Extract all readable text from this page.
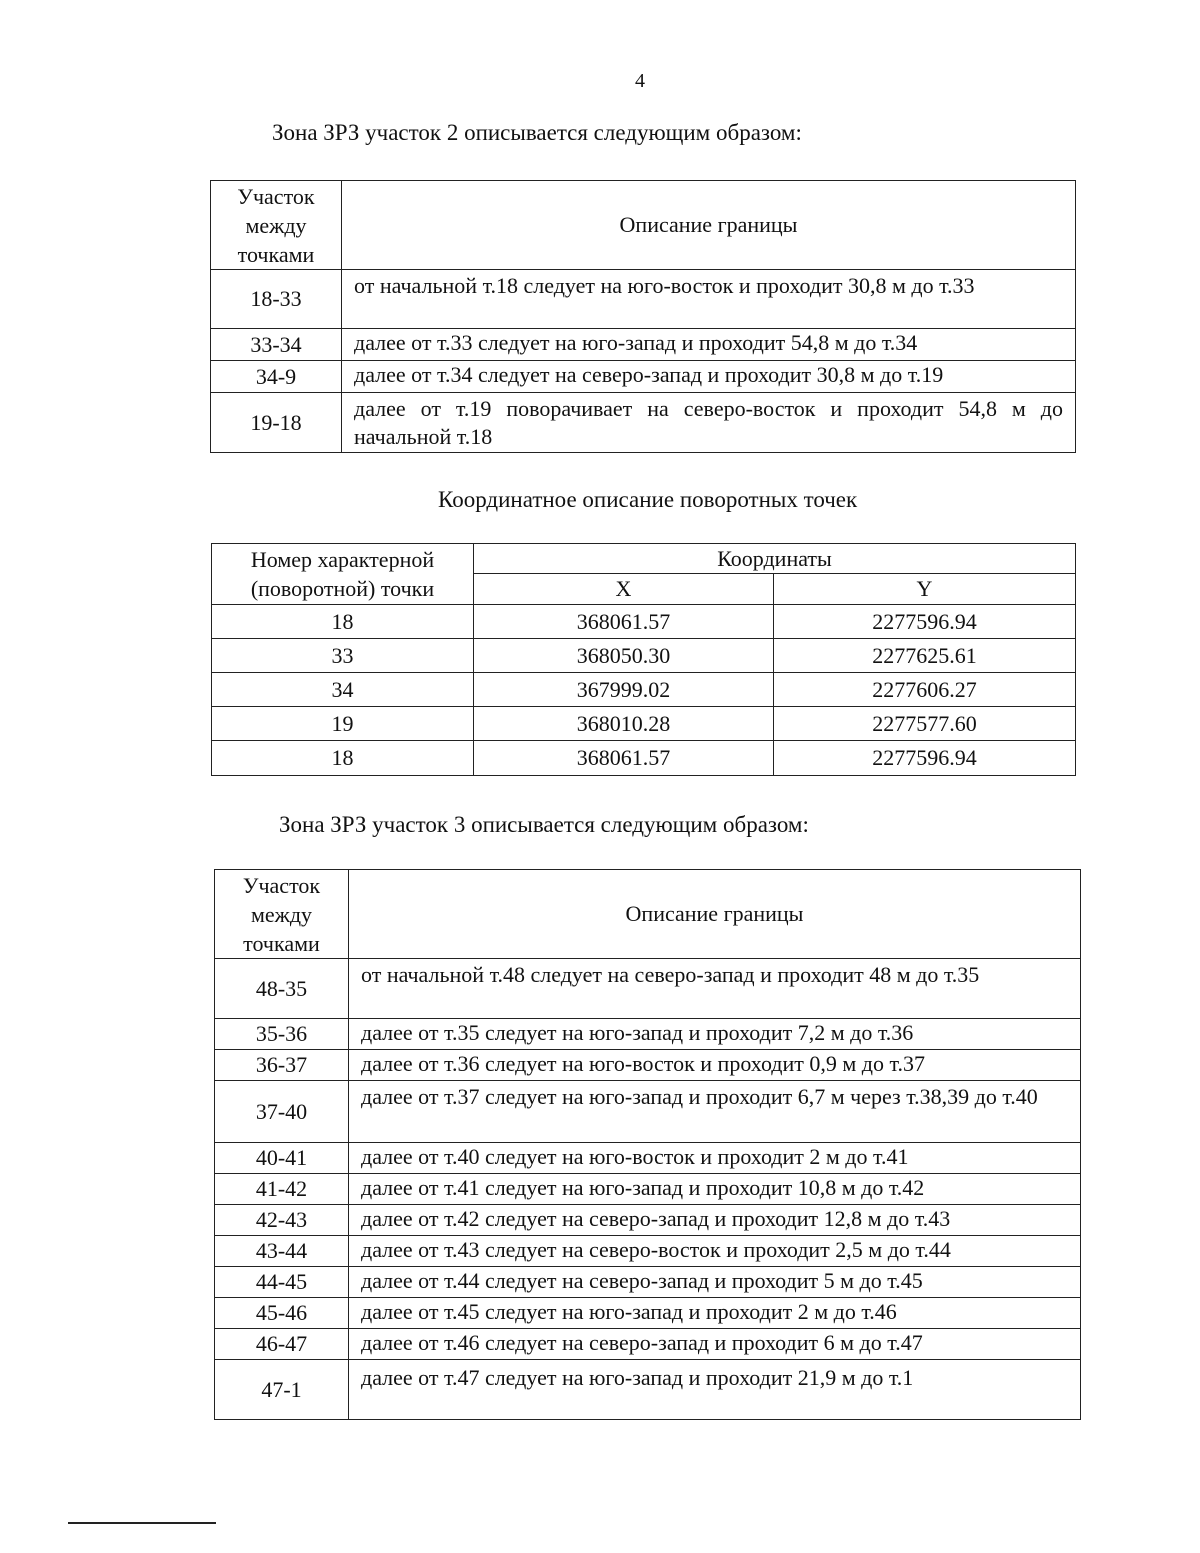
4
Зона ЗРЗ участок 2 описывается следующим образом:
Участок между точками	Описание границы
18-33	от начальной т.18 следует на юго-восток и проходит 30,8 м до т.33
33-34	далее от т.33 следует на юго-запад и проходит 54,8 м до т.34
34-9	далее от т.34 следует на северо-запад и проходит 30,8 м до т.19
19-18	далее от т.19 поворачивает на северо-восток и проходит 54,8 м до начальной т.18
Координатное описание поворотных точек
Номер характерной (поворотной) точки	Координаты	
	X	Y
18	368061.57	2277596.94
33	368050.30	2277625.61
34	367999.02	2277606.27
19	368010.28	2277577.60
18	368061.57	2277596.94
Зона ЗРЗ участок 3 описывается следующим образом:
Участок между точками	Описание границы
48-35	от начальной т.48 следует на северо-запад и проходит 48 м до т.35
35-36	далее от т.35 следует на юго-запад и проходит 7,2 м до т.36
36-37	далее от т.36 следует на юго-восток и проходит 0,9 м до т.37
37-40	далее от т.37 следует на юго-запад и проходит 6,7 м через т.38,39 до т.40
40-41	далее от т.40 следует на юго-восток и проходит 2 м до т.41
41-42	далее от т.41 следует на юго-запад и проходит 10,8 м до т.42
42-43	далее от т.42 следует на северо-запад и проходит 12,8 м до т.43
43-44	далее от т.43 следует на северо-восток и проходит 2,5 м до т.44
44-45	далее от т.44 следует на северо-запад и проходит 5 м до т.45
45-46	далее от т.45 следует на юго-запад и проходит 2 м до т.46
46-47	далее от т.46 следует на северо-запад и проходит 6 м до т.47
47-1	далее от т.47 следует на юго-запад и проходит 21,9 м до т.1
